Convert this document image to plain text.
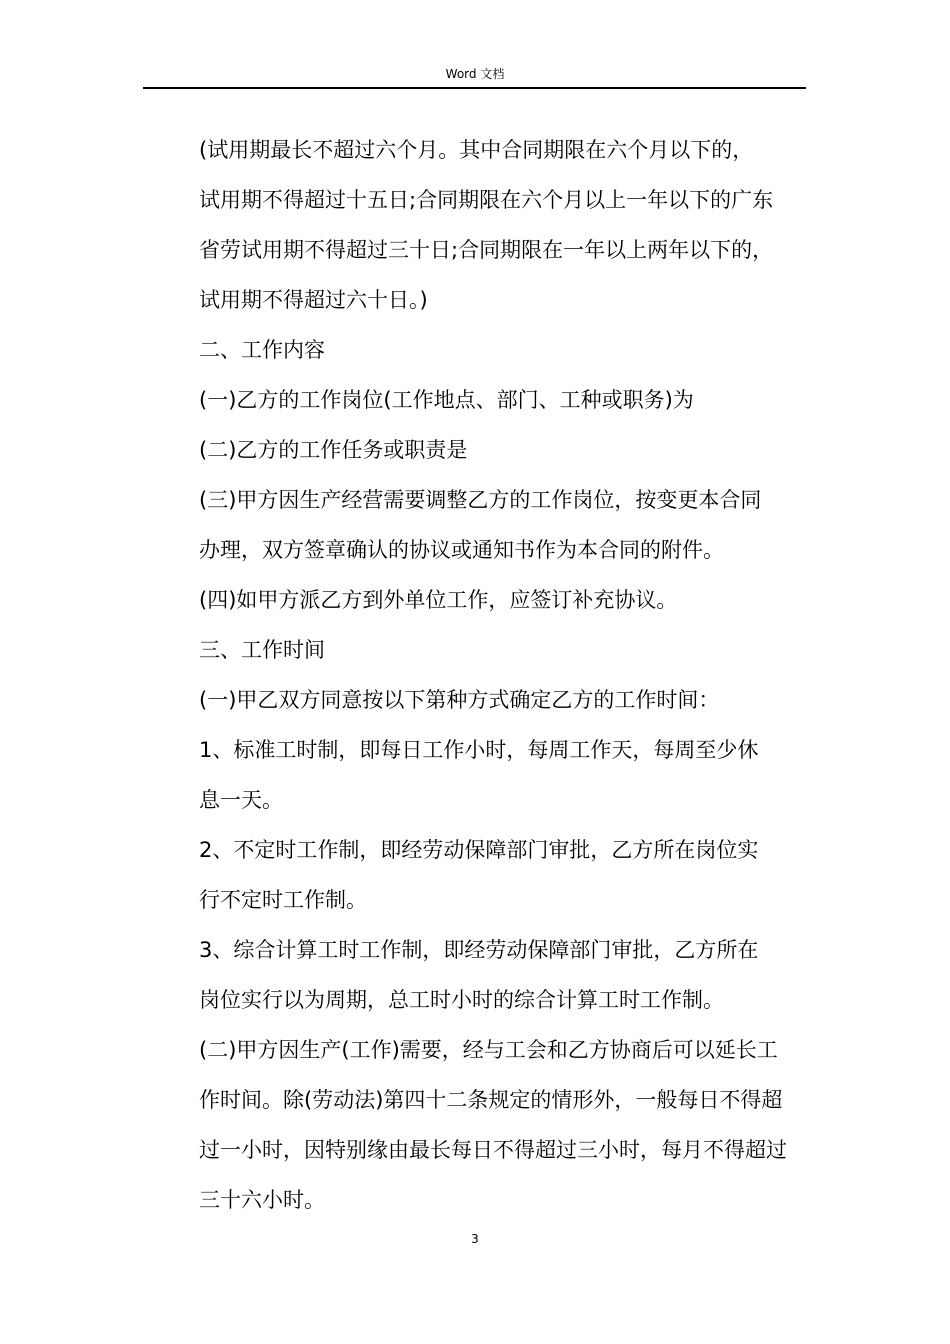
Word 文档

(试用期最长不超过六个月。其中合同期限在六个月以下的，
试用期不得超过十五日;合同期限在六个月以上一年以下的广东
省劳试用期不得超过三十日;合同期限在一年以上两年以下的，
试用期不得超过六十日。)

二、工作内容

(一)乙方的工作岗位(工作地点、部门、工种或职务)为

(二)乙方的工作任务或职责是

(三)甲方因生产经营需要调整乙方的工作岗位，按变更本合同
办理，双方签章确认的协议或通知书作为本合同的附件。

(四)如甲方派乙方到外单位工作，应签订补充协议。

三、工作时间

(一)甲乙双方同意按以下第种方式确定乙方的工作时间：

1、标准工时制，即每日工作小时，每周工作天，每周至少休
息一天。

2、不定时工作制，即经劳动保障部门审批，乙方所在岗位实
行不定时工作制。

3、综合计算工时工作制，即经劳动保障部门审批，乙方所在
岗位实行以为周期，总工时小时的综合计算工时工作制。

(二)甲方因生产(工作)需要，经与工会和乙方协商后可以延长工
作时间。除(劳动法)第四十二条规定的情形外，一般每日不得超
过一小时，因特别缘由最长每日不得超过三小时，每月不得超过
三十六小时。

3
